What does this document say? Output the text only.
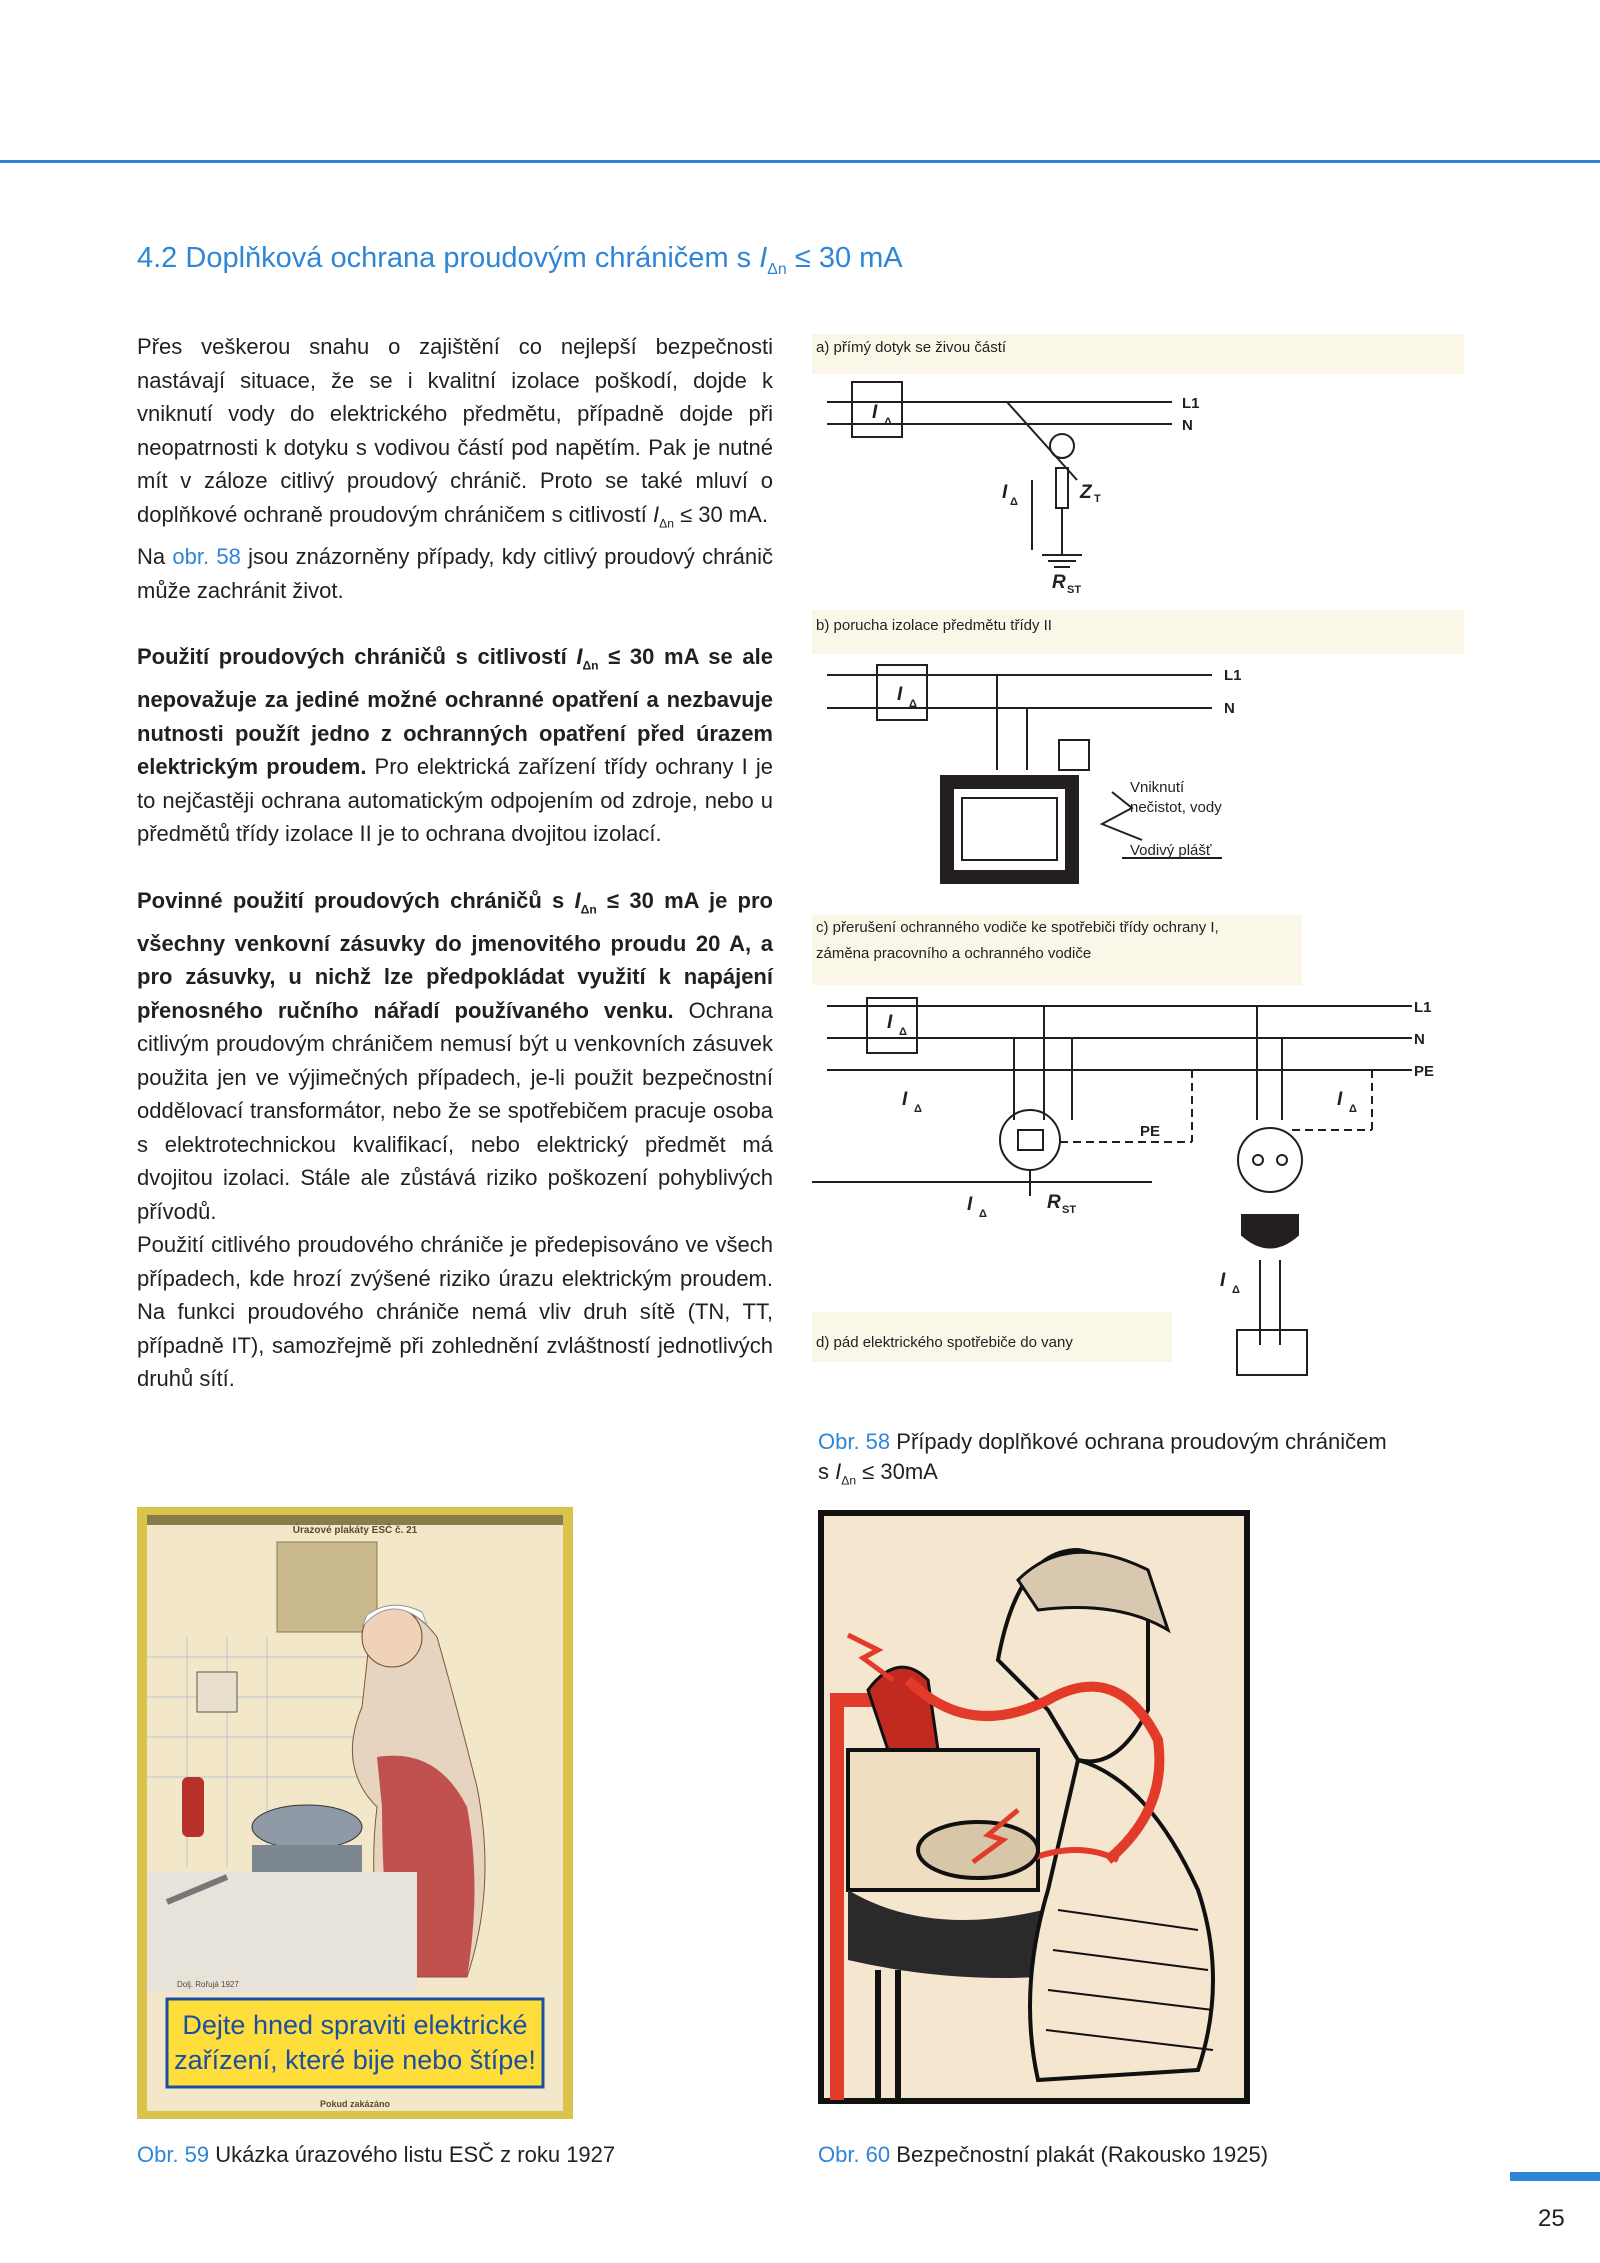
4.2 Doplňková ochrana proudovým chráničem s $I_{\Delta n} \le 30$ mA

Přes veškerou snahu o zajištění co nejlepší bezpečnosti nastávají situace, že se i kvalitní izolace poškodí, dojde k vniknutí vody do elektrického předmětu, případně dojde při neopatrnosti k dotyku s vodivou částí pod napětím. Pak je nutné mít v záloze citlivý proudový chránič. Proto se také mluví o doplňkové ochraně proudovým chráničem s citlivostí $I_{\Delta n} \le 30$ mA.

Na obr. 58 jsou znázorněny případy, kdy citlivý proudový chránič může zachránit život.

Použití proudových chráničů s citlivostí $I_{\Delta n} \le 30$ mA se ale nepovažuje za jediné možné ochranné opatření a nezbavuje nutnosti použít jedno z ochranných opatření před úrazem elektrickým proudem. Pro elektrická zařízení třídy ochrany I je to nejčastěji ochrana automatickým odpojením od zdroje, nebo u předmětů třídy izolace II je to ochrana dvojitou izolací.

Povinné použití proudových chráničů s $I_{\Delta n} \le 30$ mA je pro všechny venkovní zásuvky do jmenovitého proudu 20 A, a pro zásuvky, u nichž lze předpokládat využití k napájení přenosného ručního nářadí používaného venku. Ochrana citlivým proudovým chráničem nemusí být u venkovních zásuvek použita jen ve výjimečných případech, je-li použit bezpečnostní oddělovací transformátor, nebo že se spotřebičem pracuje osoba s elektrotechnickou kvalifikací, nebo elektrický předmět má dvojitou izolaci. Stále ale zůstává riziko poškození pohyblivých přívodů.

Použití citlivého proudového chrániče je předepisováno ve všech případech, kde hrozí zvýšené riziko úrazu elektrickým proudem. Na funkci proudového chrániče nemá vliv druh sítě (TN, TT, případně IT), samozřejmě při zohlednění zvláštností jednotlivých druhů sítí.

a) přímý dotyk se živou částí
b) porucha izolace předmětu třídy II
c) přerušení ochranného vodiče ke spotřebiči třídy ochrany I,
záměna pracovního a ochranného vodiče
d) pád elektrického spotřebiče do vany
Vniknutí
nečistot, vody
Vodivý plášť
L1
N
L1
N
L1
N
PE
PE
I
I	Z
R
I
I
I
I	R
I
I
Δ
Δ	T
ST
Δ
Δ
Δ
Δ	ST
Δ
Δ
Obr. 58 Případy doplňkové ochrana proudovým chráničem
s $I_{\Delta n} \le 30mA$
Úrazové plakáty ESČ č. 21
Dejte hned spraviti elektrické
zařízení, které bije nebo štípe!
Pokud zakázáno
Dolj. Rořujá 1927
Obr. 59 Ukázka úrazového listu ESČ z roku 1927	Obr. 60 Bezpečnostní plakát (Rakousko 1925)
25
